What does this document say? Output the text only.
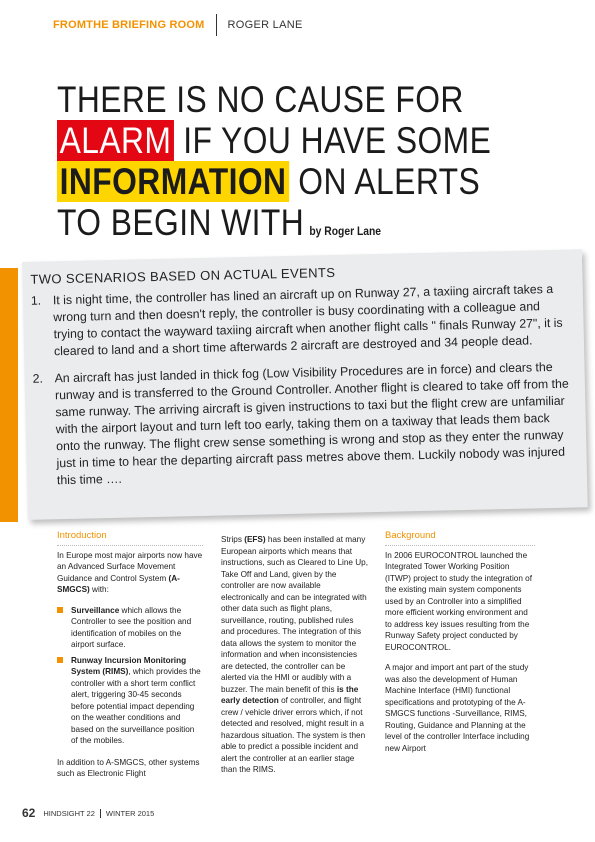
FROMTHE BRIEFING ROOM ROGER LANE
THERE IS NO CAUSE FOR
ALARM IF YOU HAVE SOME
INFORMATION ON ALERTS
TO BEGIN WITH by Roger Lane
TWO SCENARIOS BASED ON ACTUAL EVENTS
1. It is night time, the controller has lined an aircraft up on Runway 27, a taxiing aircraft takes a wrong turn and then doesn't reply, the controller is busy coordinating with a colleague and trying to contact the wayward taxiing aircraft when another flight calls " finals Runway 27", it is cleared to land and a short time afterwards 2 aircraft are destroyed and 34 people dead.
2. An aircraft has just landed in thick fog (Low Visibility Procedures are in force) and clears the runway and is transferred to the Ground Controller. Another flight is cleared to take off from the same runway. The arriving aircraft is given instructions to taxi but the flight crew are unfamiliar with the airport layout and turn left too early, taking them on a taxiway that leads them back onto the runway. The flight crew sense something is wrong and stop as they enter the runway just in time to hear the departing aircraft pass metres above them. Luckily nobody was injured this time ….
Introduction

In Europe most major airports now have an Advanced Surface Movement Guidance and Control System (A-SMGCS) with:

Surveillance which allows the Controller to see the position and identification of mobiles on the airport surface.
Runway Incursion Monitoring System (RIMS), which provides the controller with a short term conflict alert, triggering 30-45 seconds before potential impact depending on the weather conditions and based on the surveillance position of the mobiles.

In addition to A-SMGCS, other systems such as Electronic Flight

Strips (EFS) has been installed at many European airports which means that instructions, such as Cleared to Line Up, Take Off and Land, given by the controller are now available electronically and can be integrated with other data such as flight plans, surveillance, routing, published rules and procedures. The integration of this data allows the system to monitor the information and when inconsistencies are detected, the controller can be alerted via the HMI or audibly with a buzzer. The main benefit of this is the early detection of controller, and flight crew / vehicle driver errors which, if not detected and resolved, might result in a hazardous situation. The system is then able to predict a possible incident and alert the controller at an earlier stage than the RIMS.

Background

In 2006 EUROCONTROL launched the Integrated Tower Working Position (ITWP) project to study the integration of the existing main system components used by an Controller into a simplified more efficient working environment and to address key issues resulting from the Runway Safety project conducted by EUROCONTROL.

A major and import ant part of the study was also the development of Human Machine Interface (HMI) functional specifications and prototyping of the A-SMGCS functions -Surveillance, RIMS, Routing, Guidance and Planning at the level of the controller Interface including new Airport

62 HINDSIGHT 22 WINTER 2015
